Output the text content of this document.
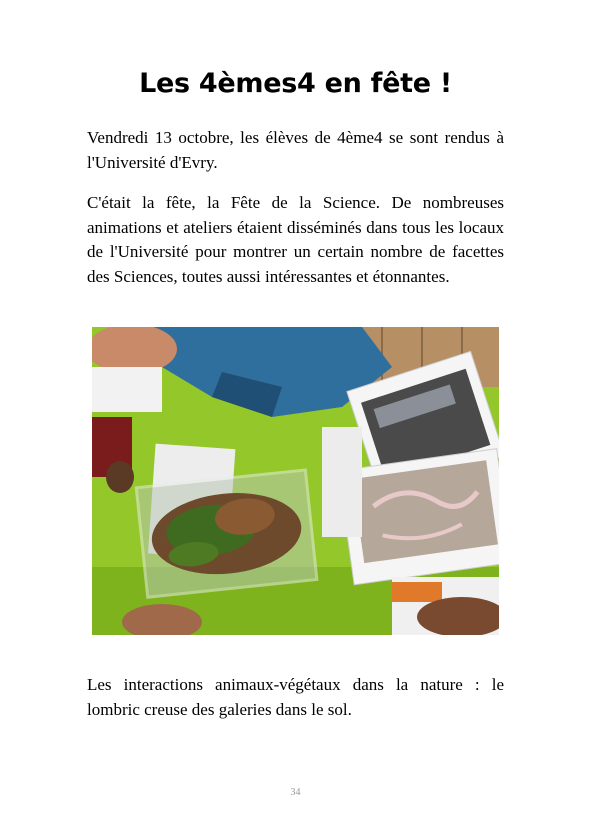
Les 4èmes4 en fête !
Vendredi 13 octobre, les élèves de 4ème4 se sont rendus à l'Université d'Evry.
C'était la fête, la Fête de la Science. De nombreuses animations et ateliers étaient disséminés dans tous les locaux de l'Université pour montrer un certain nombre de facettes des Sciences, toutes aussi intéressantes et étonnantes.
Les interactions animaux-végétaux dans la nature : le lombric creuse des galeries dans le sol.
34
